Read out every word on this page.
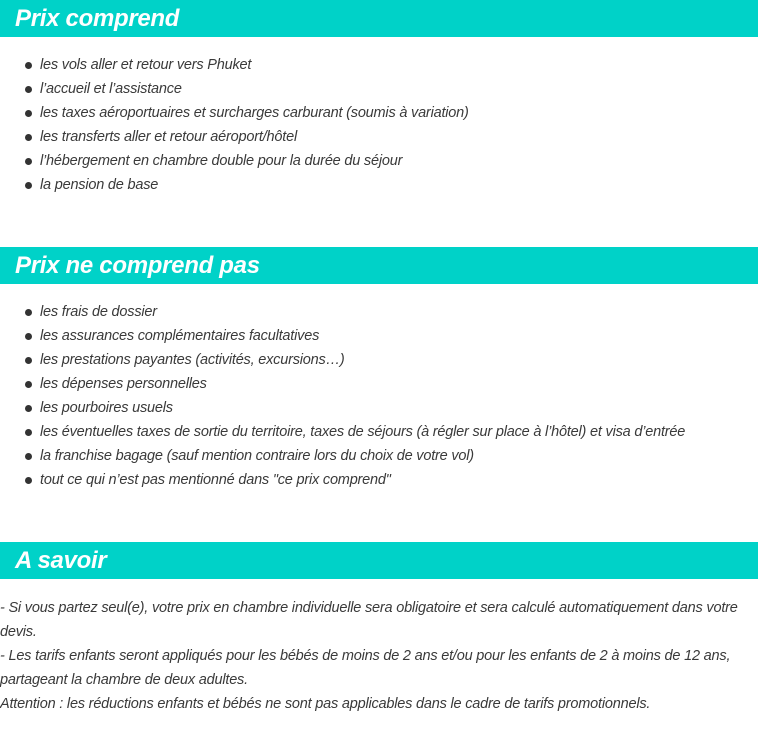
Prix comprend
les vols aller et retour vers Phuket
l’accueil et l’assistance
les taxes aéroportuaires et surcharges carburant (soumis à variation)
les transferts aller et retour aéroport/hôtel
l’hébergement en chambre double pour la durée du séjour
la pension de base
Prix ne comprend pas
les frais de dossier
les assurances complémentaires facultatives
les prestations payantes (activités, excursions…)
les dépenses personnelles
les pourboires usuels
les éventuelles taxes de sortie du territoire, taxes de séjours (à régler sur place à l’hôtel) et visa d’entrée
la franchise bagage (sauf mention contraire lors du choix de votre vol)
tout ce qui n’est pas mentionné dans "ce prix comprend"
A savoir

- Si vous partez seul(e), votre prix en chambre individuelle sera obligatoire et sera calculé automatiquement dans votre devis.

- Les tarifs enfants seront appliqués pour les bébés de moins de 2 ans et/ou pour les enfants de 2 à moins de 12 ans, partageant la chambre de deux adultes.

Attention : les réductions enfants et bébés ne sont pas applicables dans le cadre de tarifs promotionnels.
